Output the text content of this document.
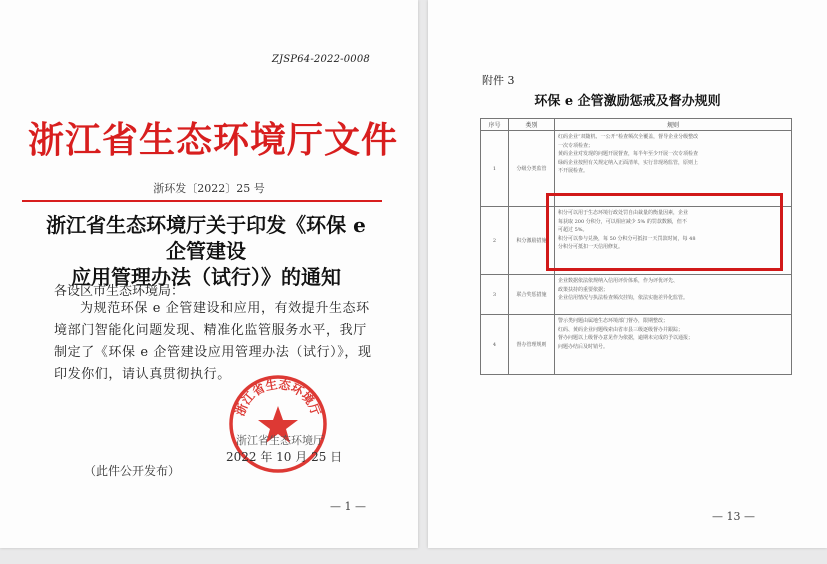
ZJSP64-2022-0008
浙江省生态环境厅文件
浙环发〔2022〕25 号
浙江省生态环境厅关于印发《环保 e 企管建设
应用管理办法（试行）》的通知
各设区市生态环境局：
为规范环保 e 企管建设和应用，有效提升生态环境部门智能化问题发现、精准化监管服务水平，我厅制定了《环保 e 企管建设应用管理办法（试行）》，现印发你们，请认真贯彻执行。
浙江省生态环境厅
浙江省生态环境厅
2022 年 10 月 25 日
（此件公开发布）
— 1 —
附件 3
环保 e 企管激励惩戒及督办规则
序号	类别	规则
1	分级分类监管	红码企业“双随机、一公开”检查频次全覆盖，督导企业分级整改
一次专项检查；
黄码企业对发现的问题开展督查，每半年至少开展一次专项检查
绿码企业按照有关规定纳入正面清单，实行非现场监管，原则上
不开展检查。

2	积分激励措施	积分可以用于生态环境行政处罚自由裁量的衡量因素，企业
每获取 200 分积分，可以相应减少 5% 的罚款数额，但不
可超过 5%。
积分可以参与兑换，每 50 分积分可抵扣一天罚款时间，每 48
分积分可抵扣一天信用修复。

3	联合奖惩措施	企业数据依法依规纳入信用评价体系，作为评优评先、
政策扶持的重要依据；
企业信用情况与执法检查频次挂钩，依法实施差异化监管。

4	督办管理规则	警示类问题由属地生态环境部门督办，限期整改；
红码、黄码企业问题线索由省市县三级逐级督办并跟踪；
督办问题以上级督办意见作为依据，逾期未完成的予以通报；
问题办结后及时销号。
— 13 —
